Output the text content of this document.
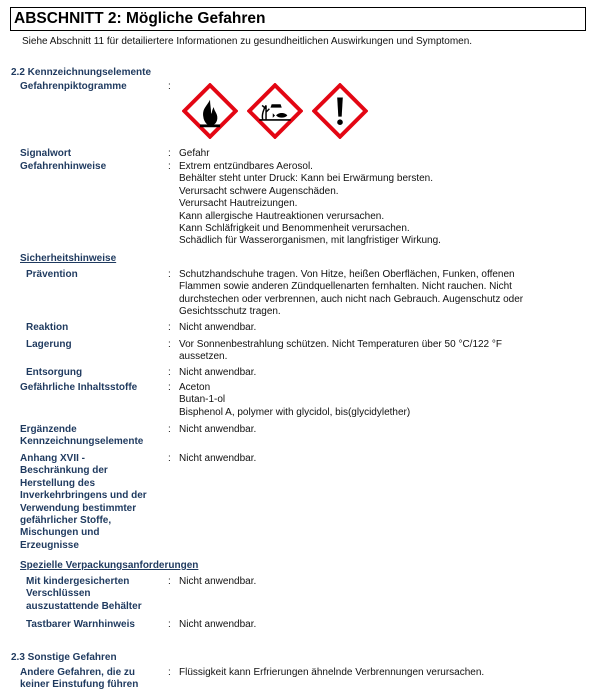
ABSCHNITT 2: Mögliche Gefahren
Siehe Abschnitt 11 für detailiertere Informationen zu gesundheitlichen Auswirkungen und Symptomen.
2.2 Kennzeichnungselemente
Gefahrenpiktogramme	:
Signalwort	: Gefahr
Gefahrenhinweise	: Extrem entzündbares Aerosol.
Behälter steht unter Druck: Kann bei Erwärmung bersten.
Verursacht schwere Augenschäden.
Verursacht Hautreizungen.
Kann allergische Hautreaktionen verursachen.
Kann Schläfrigkeit und Benommenheit verursachen.
Schädlich für Wasserorganismen, mit langfristiger Wirkung.
Sicherheitshinweise
Prävention	: Schutzhandschuhe tragen. Von Hitze, heißen Oberflächen, Funken, offenen
Flammen sowie anderen Zündquellenarten fernhalten. Nicht rauchen. Nicht
durchstechen oder verbrennen, auch nicht nach Gebrauch. Augenschutz oder
Gesichtsschutz tragen.
Reaktion	: Nicht anwendbar.
Lagerung	: Vor Sonnenbestrahlung schützen. Nicht Temperaturen über 50 °C/122 °F
aussetzen.
Entsorgung	: Nicht anwendbar.
Gefährliche Inhaltsstoffe	: Aceton
Butan-1-ol
Bisphenol A, polymer with glycidol, bis(glycidylether)
Ergänzende
Kennzeichnungselemente
: Nicht anwendbar.
Anhang XVII -
Beschränkung der
Herstellung des
Inverkehrbringens und der
Verwendung bestimmter
gefährlicher Stoffe,
Mischungen und
Erzeugnisse
: Nicht anwendbar.
Spezielle Verpackungsanforderungen
Mit kindergesicherten
Verschlüssen
auszustattende Behälter
: Nicht anwendbar.
Tastbarer Warnhinweis	: Nicht anwendbar.
2.3 Sonstige Gefahren
Andere Gefahren, die zu
keiner Einstufung führen
: Flüssigkeit kann Erfrierungen ähnelnde Verbrennungen verursachen.
